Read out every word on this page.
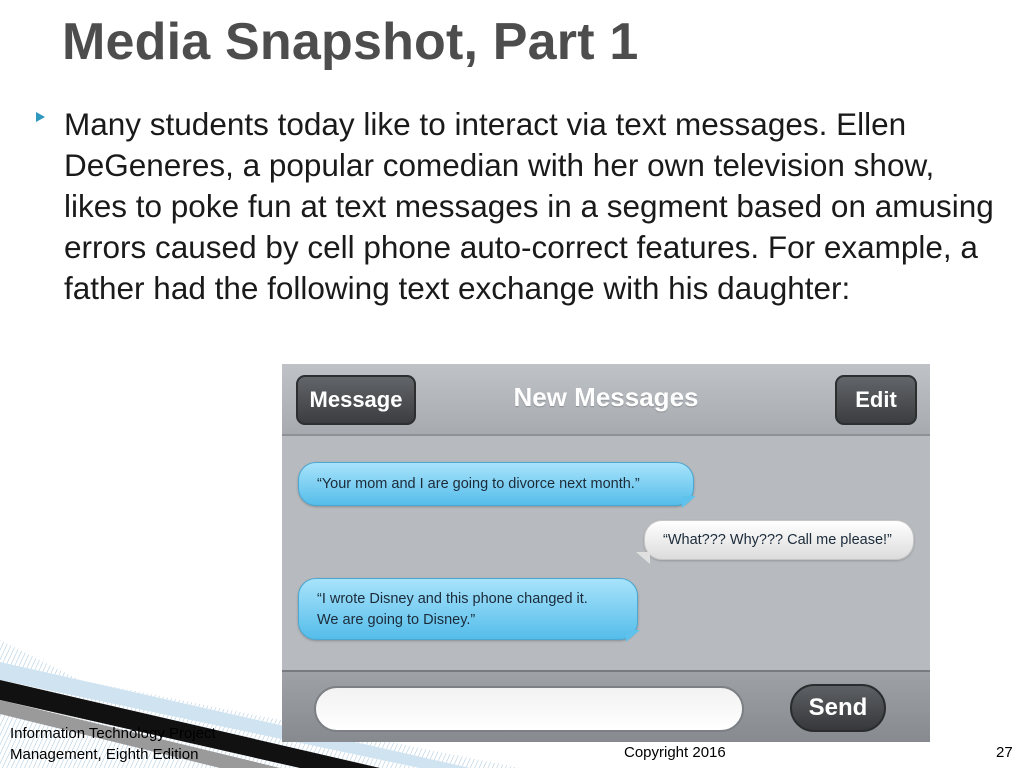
Media Snapshot, Part 1
Many students today like to interact via text messages. Ellen DeGeneres, a popular comedian with her own television show, likes to poke fun at text messages in a segment based on amusing errors caused by cell phone auto-correct features. For example, a father had the following text exchange with his daughter:
Message	New Messages	Edit
“Your mom and I are going to divorce next month.”
“What??? Why??? Call me please!”
“I wrote Disney and this phone changed it.
We are going to Disney.”
Send
Information Technology Project
Management, Eighth Edition	Copyright 2016	27
